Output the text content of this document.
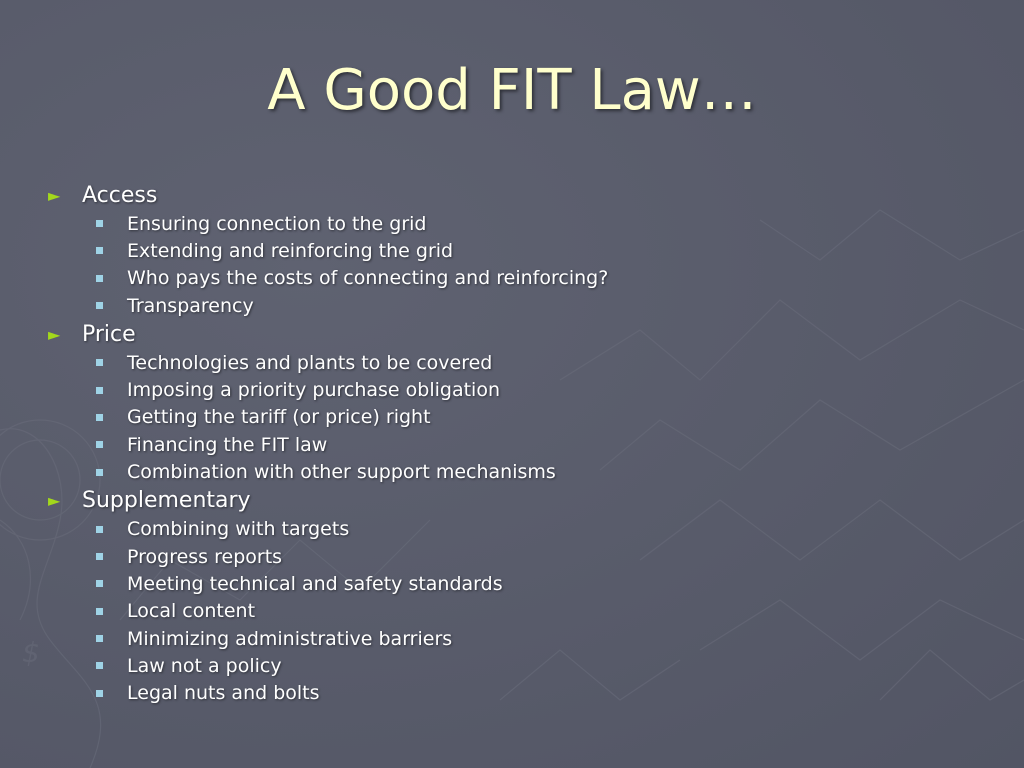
$
A Good FIT Law…
► Access
Ensuring connection to the grid
Extending and reinforcing the grid
Who pays the costs of connecting and reinforcing?
Transparency
► Price
Technologies and plants to be covered
Imposing a priority purchase obligation
Getting the tariff (or price) right
Financing the FIT law
Combination with other support mechanisms
► Supplementary
Combining with targets
Progress reports
Meeting technical and safety standards
Local content
Minimizing administrative barriers
Law not a policy
Legal nuts and bolts
